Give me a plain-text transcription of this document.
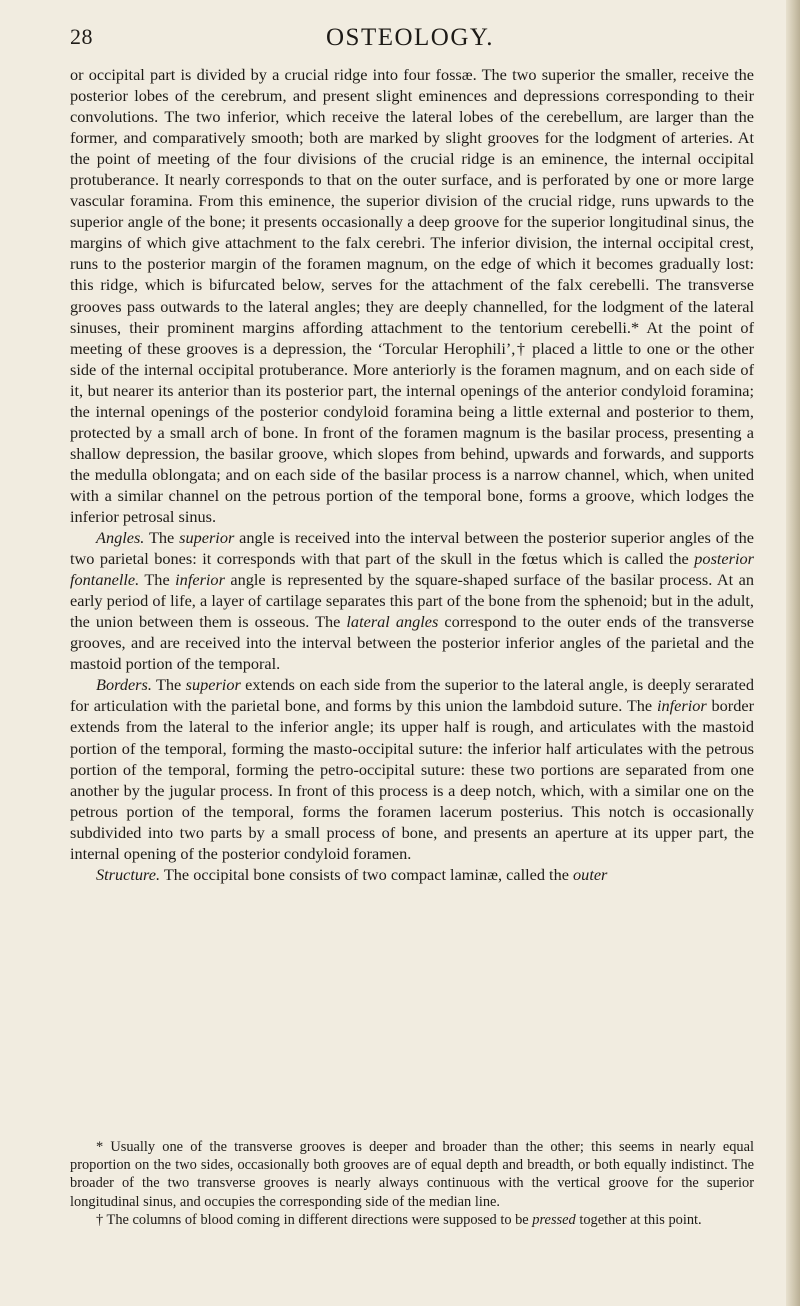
28	OSTEOLOGY.

or occipital part is divided by a crucial ridge into four fossæ. The two superior the smaller, receive the posterior lobes of the cerebrum, and present slight eminences and depressions corresponding to their convolutions. The two inferior, which receive the lateral lobes of the cerebellum, are larger than the former, and comparatively smooth; both are marked by slight grooves for the lodgment of arteries. At the point of meeting of the four divisions of the crucial ridge is an eminence, the internal occipital protuberance. It nearly corresponds to that on the outer surface, and is perforated by one or more large vascular foramina. From this eminence, the superior division of the crucial ridge, runs upwards to the superior angle of the bone; it presents occasionally a deep groove for the superior longitudinal sinus, the margins of which give attachment to the falx cerebri. The inferior division, the internal occipital crest, runs to the posterior margin of the foramen magnum, on the edge of which it becomes gradually lost: this ridge, which is bifurcated below, serves for the attachment of the falx cerebelli. The transverse grooves pass outwards to the lateral angles; they are deeply channelled, for the lodgment of the lateral sinuses, their prominent margins affording attachment to the tentorium cerebelli.* At the point of meeting of these grooves is a depression, the ‘Torcular Herophili’,† placed a little to one or the other side of the internal occipital protuberance. More anteriorly is the foramen magnum, and on each side of it, but nearer its anterior than its posterior part, the internal openings of the anterior condyloid foramina; the internal openings of the posterior condyloid foramina being a little external and posterior to them, protected by a small arch of bone. In front of the foramen magnum is the basilar process, presenting a shallow depression, the basilar groove, which slopes from behind, upwards and forwards, and supports the medulla oblongata; and on each side of the basilar process is a narrow channel, which, when united with a similar channel on the petrous portion of the temporal bone, forms a groove, which lodges the inferior petrosal sinus.

Angles. The superior angle is received into the interval between the posterior superior angles of the two parietal bones: it corresponds with that part of the skull in the fœtus which is called the posterior fontanelle. The inferior angle is represented by the square-shaped surface of the basilar process. At an early period of life, a layer of cartilage separates this part of the bone from the sphenoid; but in the adult, the union between them is osseous. The lateral angles correspond to the outer ends of the transverse grooves, and are received into the interval between the posterior inferior angles of the parietal and the mastoid portion of the temporal.

Borders. The superior extends on each side from the superior to the lateral angle, is deeply serarated for articulation with the parietal bone, and forms by this union the lambdoid suture. The inferior border extends from the lateral to the inferior angle; its upper half is rough, and articulates with the mastoid portion of the temporal, forming the masto-occipital suture: the inferior half articulates with the petrous portion of the temporal, forming the petro-occipital suture: these two portions are separated from one another by the jugular process. In front of this process is a deep notch, which, with a similar one on the petrous portion of the temporal, forms the foramen lacerum posterius. This notch is occasionally subdivided into two parts by a small process of bone, and presents an aperture at its upper part, the internal opening of the posterior condyloid foramen.

Structure. The occipital bone consists of two compact laminæ, called the outer

* Usually one of the transverse grooves is deeper and broader than the other; this seems in nearly equal proportion on the two sides, occasionally both grooves are of equal depth and breadth, or both equally indistinct. The broader of the two transverse grooves is nearly always continuous with the vertical groove for the superior longitudinal sinus, and occupies the corresponding side of the median line.

† The columns of blood coming in different directions were supposed to be pressed together at this point.
